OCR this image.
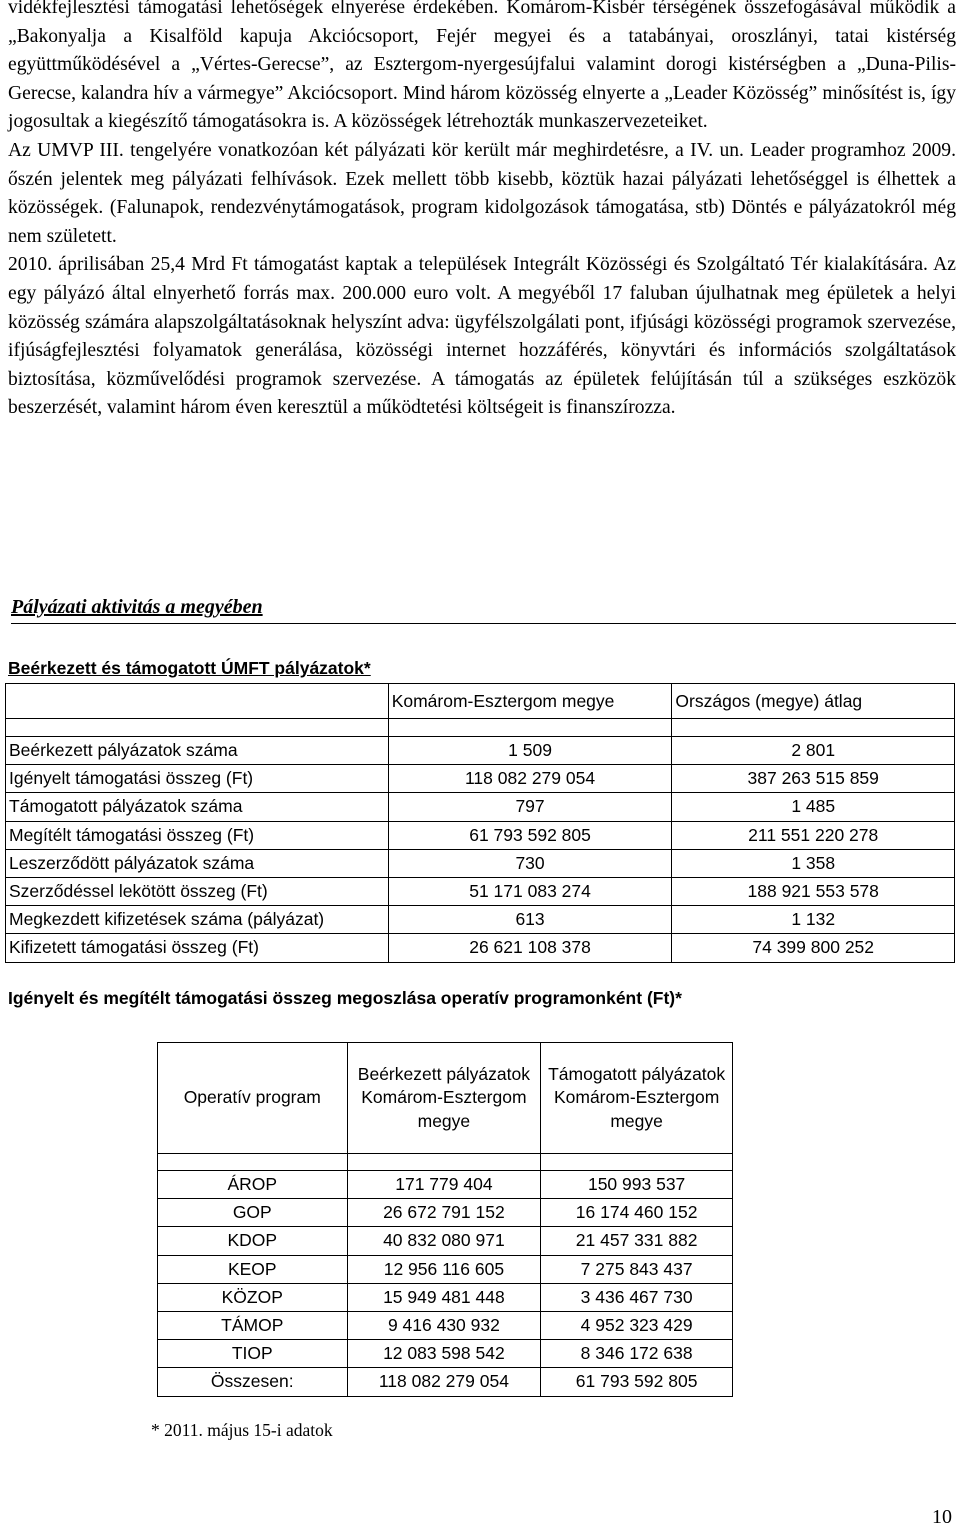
vidékfejlesztési támogatási lehetőségek elnyerése érdekében. Komárom-Kisbér térségének összefogásával működik a „Bakonyalja a Kisalföld kapuja Akciócsoport, Fejér megyei és a tatabányai, oroszlányi, tatai kistérség együttműködésével a „Vértes-Gerecse”, az Esztergom-nyergesújfalui valamint dorogi kistérségben a „Duna-Pilis-Gerecse, kalandra hív a vármegye” Akciócsoport. Mind három közösség elnyerte a „Leader Közösség” minősítést is, így jogosultak a kiegészítő támogatásokra is. A közösségek létrehozták munkaszervezeteiket.

Az UMVP III. tengelyére vonatkozóan két pályázati kör került már meghirdetésre, a IV. un. Leader programhoz 2009. őszén jelentek meg pályázati felhívások. Ezek mellett több kisebb, köztük hazai pályázati lehetőséggel is élhettek a közösségek. (Falunapok, rendezvénytámogatások, program kidolgozások támogatása, stb) Döntés e pályázatokról még nem született.

2010. áprilisában 25,4 Mrd Ft támogatást kaptak a települések Integrált Közösségi és Szolgáltató Tér kialakítására. Az egy pályázó által elnyerhető forrás max. 200.000 euro volt. A megyéből 17 faluban újulhatnak meg épületek a helyi közösség számára alapszolgáltatásoknak helyszínt adva: ügyfélszolgálati pont, ifjúsági közösségi programok szervezése, ifjúságfejlesztési folyamatok generálása, közösségi internet hozzáférés, könyvtári és információs szolgáltatások biztosítása, közművelődési programok szervezése. A támogatás az épületek felújításán túl a szükséges eszközök beszerzését, valamint három éven keresztül a működtetési költségeit is finanszírozza.

Pályázati aktivitás a megyében
Beérkezett és támogatott ÚMFT pályázatok*
	Komárom-Esztergom megye	Országos (megye) átlag

Beérkezett pályázatok száma	1 509	2 801
Igényelt támogatási összeg (Ft)	118 082 279 054	387 263 515 859
Támogatott pályázatok száma	797	1 485
Megítélt támogatási összeg (Ft)	61 793 592 805	211 551 220 278
Leszerződött pályázatok száma	730	1 358
Szerződéssel lekötött összeg (Ft)	51 171 083 274	188 921 553 578
Megkezdett kifizetések száma (pályázat)	613	1 132
Kifizetett támogatási összeg (Ft)	26 621 108 378	74 399 800 252
Igényelt és megítélt támogatási összeg megoszlása operatív programonként (Ft)*
Operatív program	Beérkezett pályázatok Komárom-Esztergom megye	Támogatott pályázatok Komárom-Esztergom megye

ÁROP	171 779 404	150 993 537
GOP	26 672 791 152	16 174 460 152
KDOP	40 832 080 971	21 457 331 882
KEOP	12 956 116 605	7 275 843 437
KÖZOP	15 949 481 448	3 436 467 730
TÁMOP	9 416 430 932	4 952 323 429
TIOP	12 083 598 542	8 346 172 638
Összesen:	118 082 279 054	61 793 592 805
* 2011. május 15-i adatok
10
